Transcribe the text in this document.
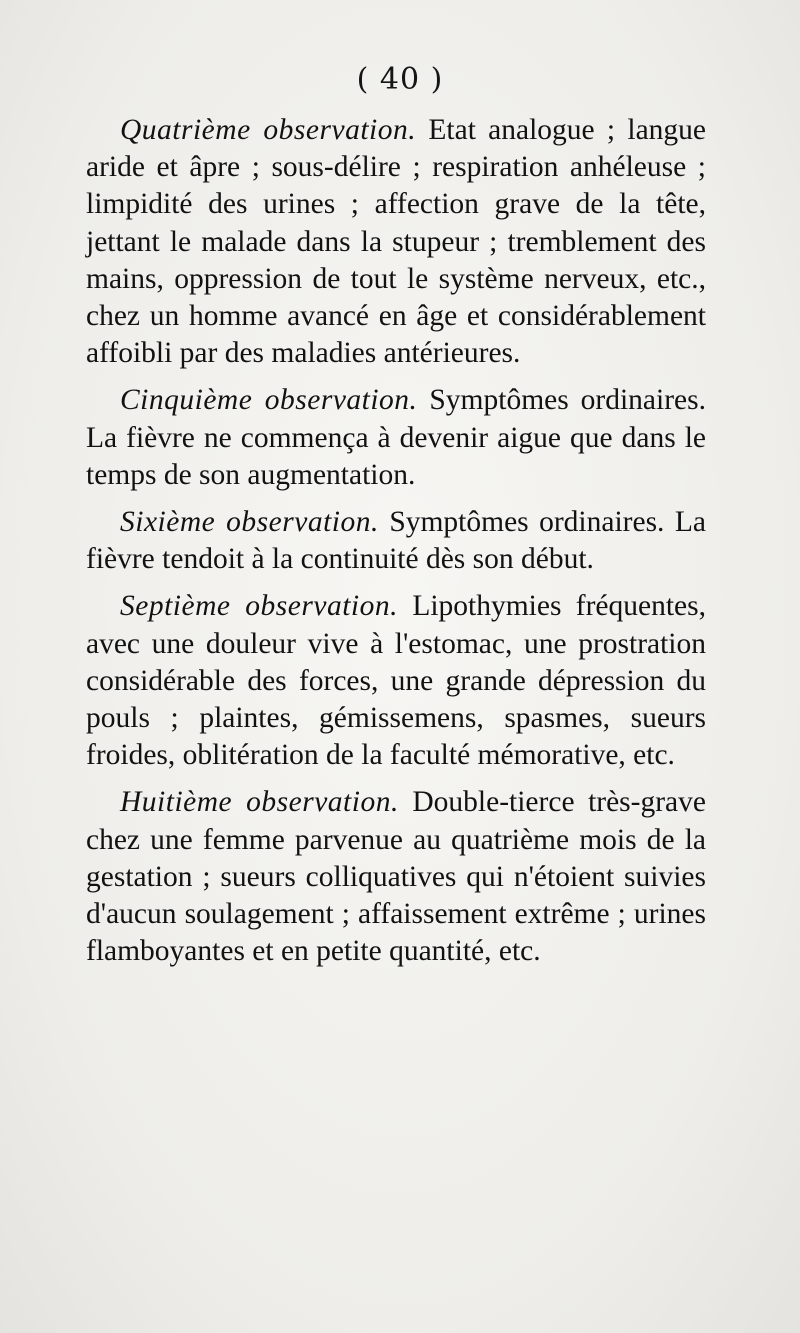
( 40 )

Quatrième observation. Etat analogue ; langue aride et âpre ; sous-délire ; respiration anhéleuse ; limpidité des urines ; affection grave de la tête, jettant le malade dans la stupeur ; tremblement des mains, oppression de tout le système nerveux, etc., chez un homme avancé en âge et considérablement affoibli par des maladies antérieures.

Cinquième observation. Symptômes ordinaires. La fièvre ne commença à devenir aigue que dans le temps de son augmentation.

Sixième observation. Symptômes ordinaires. La fièvre tendoit à la continuité dès son début.

Septième observation. Lipothymies fréquentes, avec une douleur vive à l'estomac, une prostration considérable des forces, une grande dépression du pouls ; plaintes, gémissemens, spasmes, sueurs froides, oblitération de la faculté mémorative, etc.

Huitième observation. Double-tierce très-grave chez une femme parvenue au quatrième mois de la gestation ; sueurs colliquatives qui n'étoient suivies d'aucun soulagement ; affaissement extrême ; urines flamboyantes et en petite quantité, etc.
